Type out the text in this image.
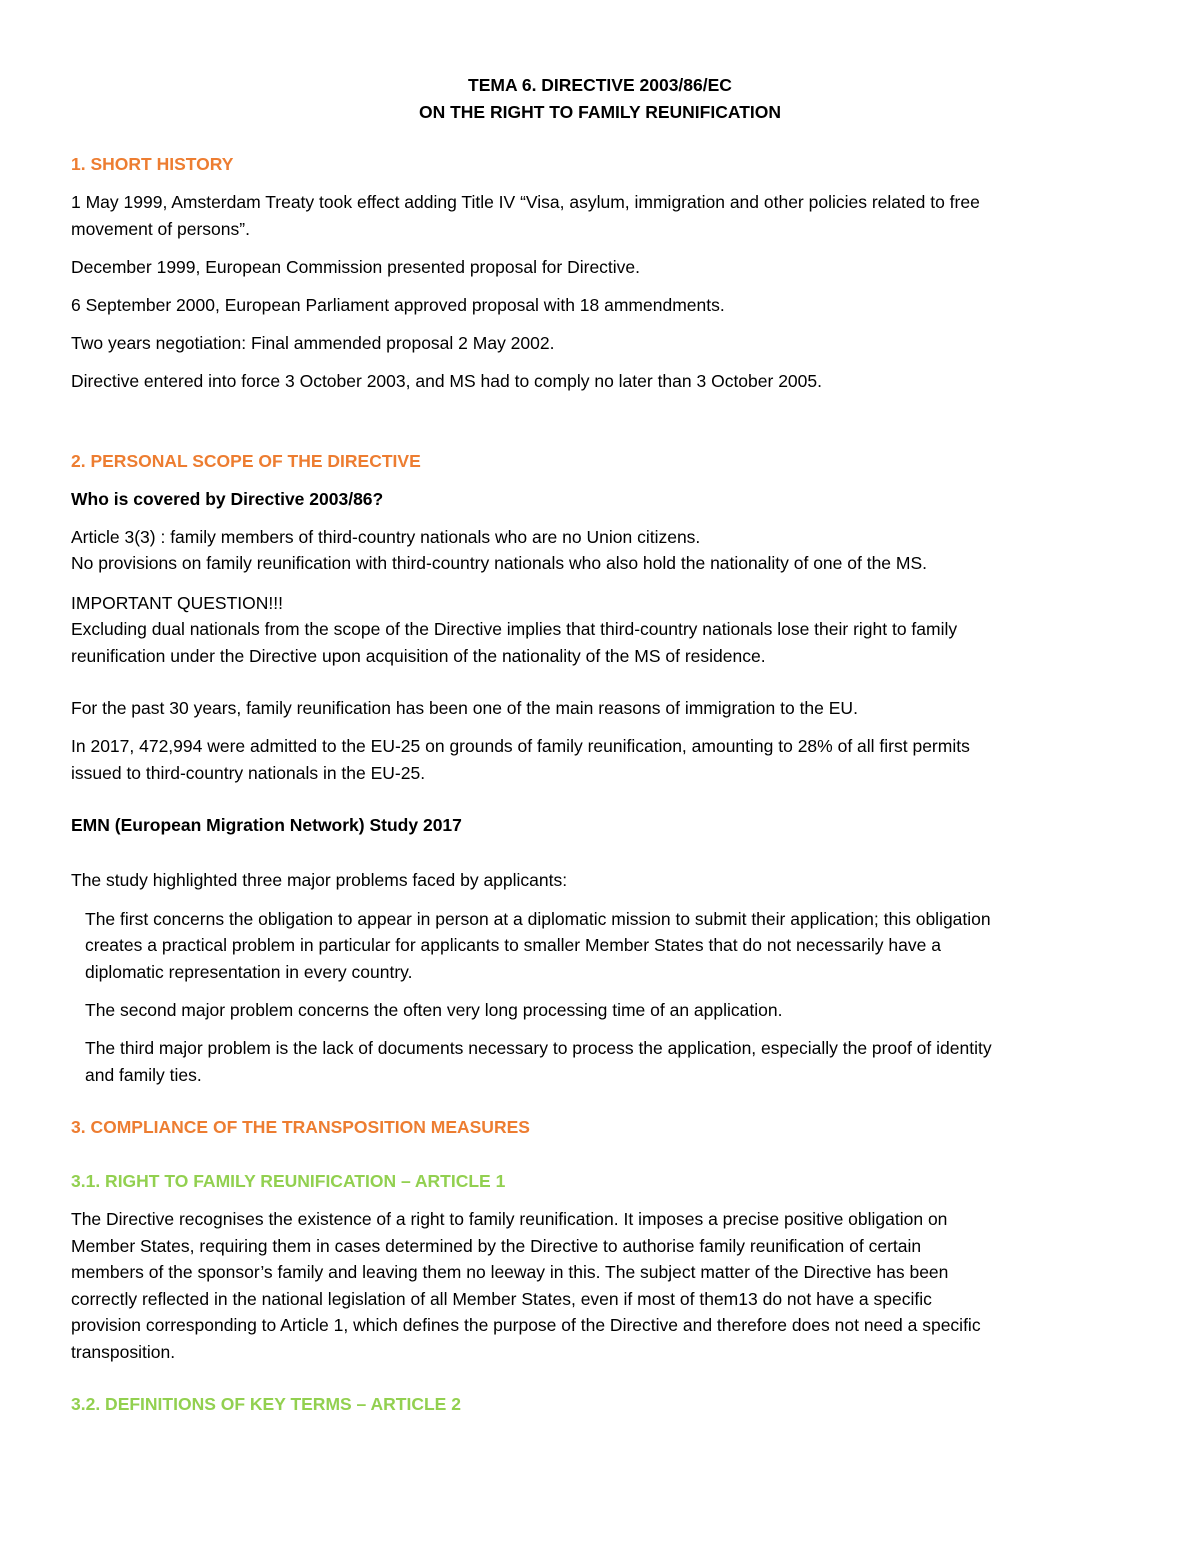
TEMA 6. DIRECTIVE 2003/86/EC

ON THE RIGHT TO FAMILY REUNIFICATION

1. SHORT HISTORY

1 May 1999, Amsterdam Treaty took effect adding Title IV “Visa, asylum, immigration and other policies related to free

movement of persons”.

December 1999, European Commission presented proposal for Directive.

6 September 2000, European Parliament approved proposal with 18 ammendments.

Two years negotiation: Final ammended proposal 2 May 2002.

Directive entered into force 3 October 2003, and MS had to comply no later than 3 October 2005.

2. PERSONAL SCOPE OF THE DIRECTIVE

Who is covered by Directive 2003/86?

Article 3(3) : family members of third-country nationals who are no Union citizens.

No provisions on family reunification with third-country nationals who also hold the nationality of one of the MS.

IMPORTANT QUESTION!!!

Excluding dual nationals from the scope of the Directive implies that third-country nationals lose their right to family

reunification under the Directive upon acquisition of the nationality of the MS of residence.

For the past 30 years, family reunification has been one of the main reasons of immigration to the EU.

In 2017, 472,994 were admitted to the EU-25 on grounds of family reunification, amounting to 28% of all first permits

issued to third-country nationals in the EU-25.

EMN (European Migration Network) Study 2017

The study highlighted three major problems faced by applicants:

The first concerns the obligation to appear in person at a diplomatic mission to submit their application; this obligation

creates a practical problem in particular for applicants to smaller Member States that do not necessarily have a

diplomatic representation in every country.

The second major problem concerns the often very long processing time of an application.

The third major problem is the lack of documents necessary to process the application, especially the proof of identity

and family ties.

3. COMPLIANCE OF THE TRANSPOSITION MEASURES

3.1. RIGHT TO FAMILY REUNIFICATION – ARTICLE 1

The Directive recognises the existence of a right to family reunification. It imposes a precise positive obligation on

Member States, requiring them in cases determined by the Directive to authorise family reunification of certain

members of the sponsor’s family and leaving them no leeway in this. The subject matter of the Directive has been

correctly reflected in the national legislation of all Member States, even if most of them13 do not have a specific

provision corresponding to Article 1, which defines the purpose of the Directive and therefore does not need a specific

transposition.

3.2. DEFINITIONS OF KEY TERMS – ARTICLE 2
